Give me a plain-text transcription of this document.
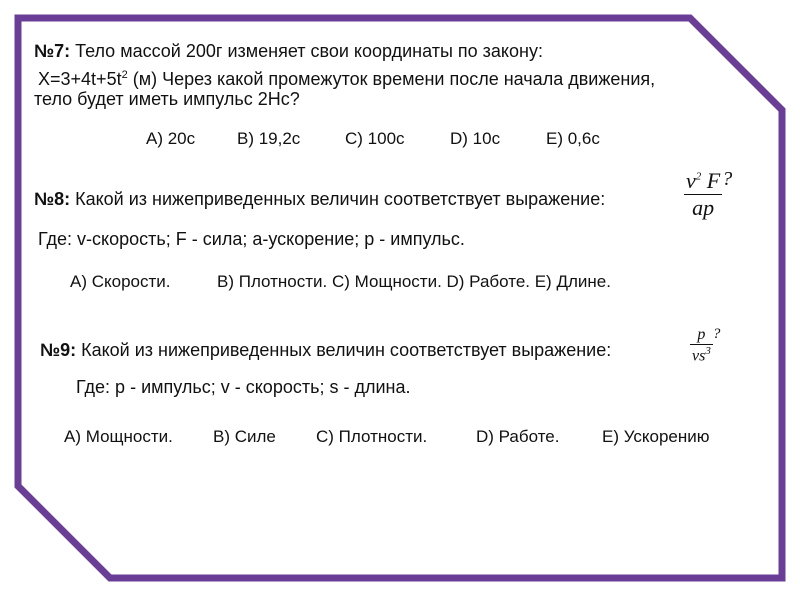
№7: Тело массой 200г изменяет свои координаты по закону:
$X=3+4t+5t^2$ (м) Через какой промежуток времени после начала движения,
тело будет иметь импульс 2Нс?
А) 20с В) 19,2с	С) 100с	D) 10с	Е) 0,6с
№8: Какой из нижеприведенных величин соответствует выражение:	$\frac{v^2 F}{ap}$ ?
Где: v-скорость; F - сила; а-ускорение; р - импульс.
А) Скорости.	В) Плотности. С) Мощности. D) Работе. Е) Длине.
№9: Какой из нижеприведенных величин соответствует выражение:	$\frac{p}{vs^3}$ ?
Где: р - импульс; v - скорость; s - длина.
А) Мощности. В) Силе С) Плотности.	D) Работе.	Е) Ускорению
